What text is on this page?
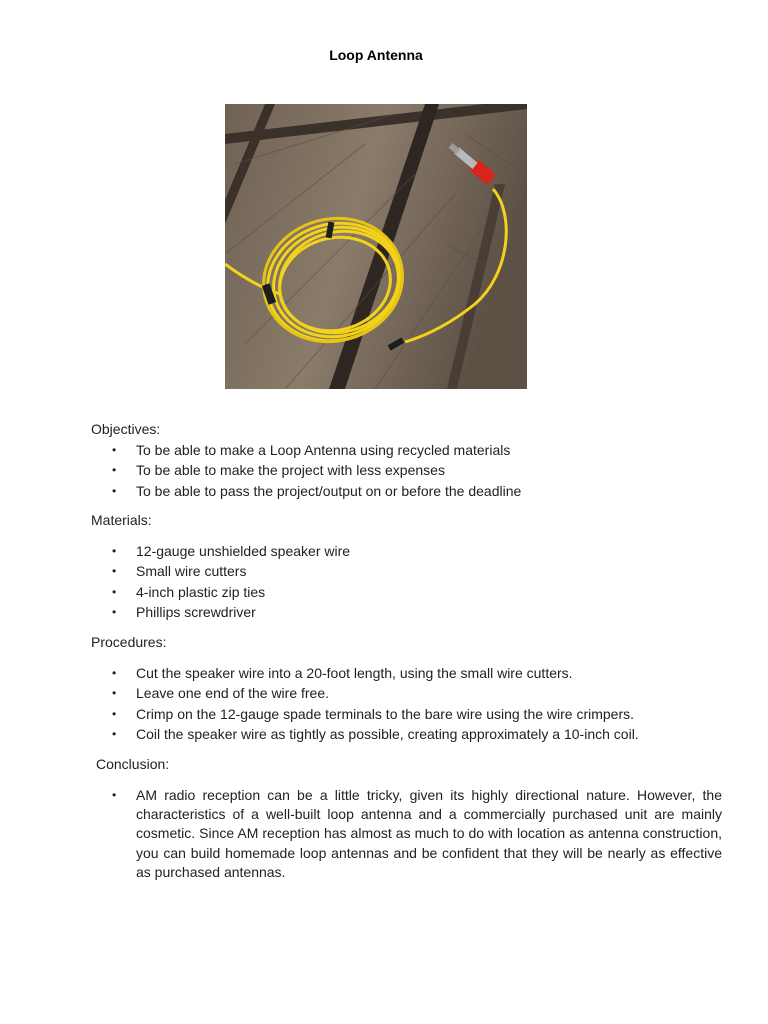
Loop Antenna
Objectives:
• To be able to make a Loop Antenna using recycled materials
• To be able to make the project with less expenses
• To be able to pass the project/output on or before the deadline
Materials:
• 12-gauge unshielded speaker wire
• Small wire cutters
• 4-inch plastic zip ties
• Phillips screwdriver
Procedures:
• Cut the speaker wire into a 20-foot length, using the small wire cutters.
• Leave one end of the wire free.
• Crimp on the 12-gauge spade terminals to the bare wire using the wire crimpers.
• Coil the speaker wire as tightly as possible, creating approximately a 10-inch coil.
Conclusion:
• AM radio reception can be a little tricky, given its highly directional nature. However, the characteristics of a well-built loop antenna and a commercially purchased unit are mainly cosmetic. Since AM reception has almost as much to do with location as antenna construction, you can build homemade loop antennas and be confident that they will be nearly as effective as purchased antennas.
